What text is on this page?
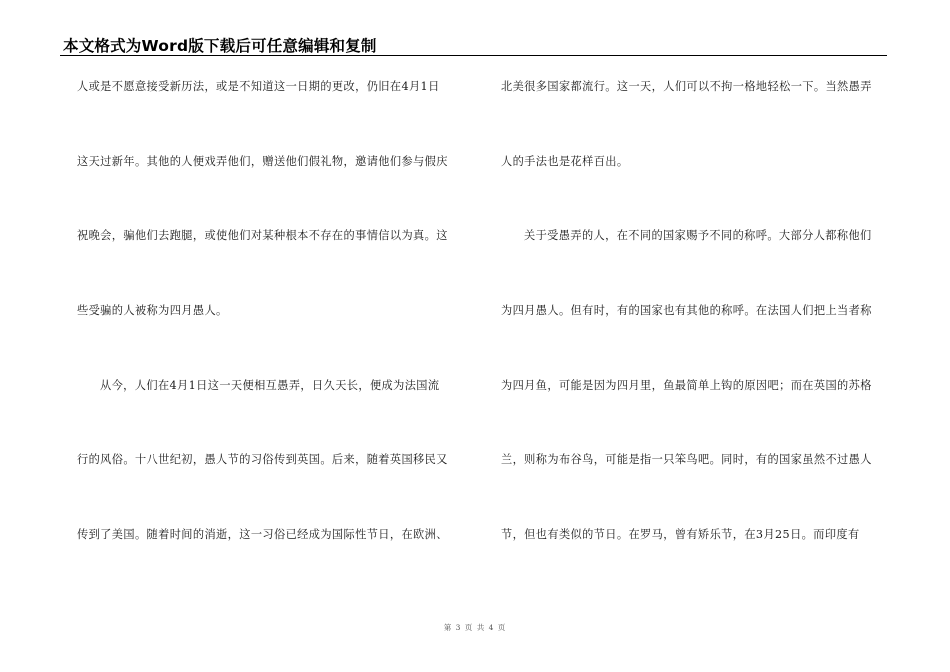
本文格式为Word版下载后可任意编辑和复制
人或是不愿意接受新历法，或是不知道这一日期的更改，仍旧在4月1日
这天过新年。其他的人便戏弄他们，赠送他们假礼物，邀请他们参与假庆
祝晚会，骗他们去跑腿，或使他们对某种根本不存在的事情信以为真。这
些受骗的人被称为四月愚人。
从今，人们在4月1日这一天便相互愚弄，日久天长，便成为法国流
行的风俗。十八世纪初，愚人节的习俗传到英国。后来，随着英国移民又
传到了美国。随着时间的消逝，这一习俗已经成为国际性节日，在欧洲、
北美很多国家都流行。这一天，人们可以不拘一格地轻松一下。当然愚弄
人的手法也是花样百出。
关于受愚弄的人，在不同的国家赐予不同的称呼。大部分人都称他们
为四月愚人。但有时，有的国家也有其他的称呼。在法国人们把上当者称
为四月鱼，可能是因为四月里，鱼最简单上钩的原因吧；而在英国的苏格
兰，则称为布谷鸟，可能是指一只笨鸟吧。同时，有的国家虽然不过愚人
节，但也有类似的节日。在罗马，曾有矫乐节，在3月25日。而印度有
第 3 页 共 4 页
